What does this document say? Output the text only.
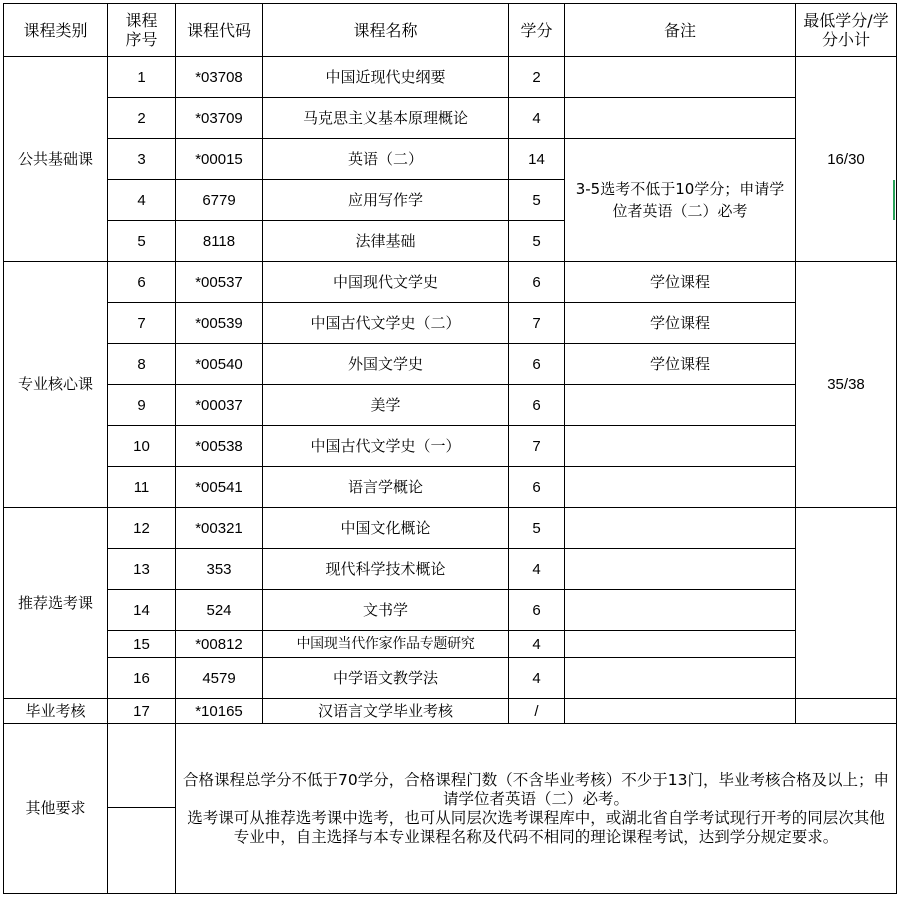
课程类别	课程序号	课程代码	课程名称	学分	备注	最低学分/学分小计
公共基础课	1	*03708	中国近现代史纲要	2		16/30
	2	*03709	马克思主义基本原理概论	4		
	3	*00015	英语（二）	14	3-5选考不低于10学分；申请学位者英语（二）必考	
	4	6779	应用写作学	5		
	5	8118	法律基础	5		
专业核心课	6	*00537	中国现代文学史	6	学位课程	35/38
	7	*00539	中国古代文学史（二）	7	学位课程	
	8	*00540	外国文学史	6	学位课程	
	9	*00037	美学	6		
	10	*00538	中国古代文学史（一）	7		
	11	*00541	语言学概论	6		
推荐选考课	12	*00321	中国文化概论	5		
	13	353	现代科学技术概论	4		
	14	524	文书学	6		
	15	*00812	中国现当代作家作品专题研究	4		
	16	4579	中学语文教学法	4		
毕业考核	17	*10165	汉语言文学毕业考核	/		
其他要求		合格课程总学分不低于70学分，合格课程门数（不含毕业考核）不少于13门，毕业考核合格及以上；申请学位者英语（二）必考。
选考课可从推荐选考课中选考，也可从同层次选考课程库中，或湖北省自学考试现行开考的同层次其他专业中，自主选择与本专业课程名称及代码不相同的理论课程考试，达到学分规定要求。				
